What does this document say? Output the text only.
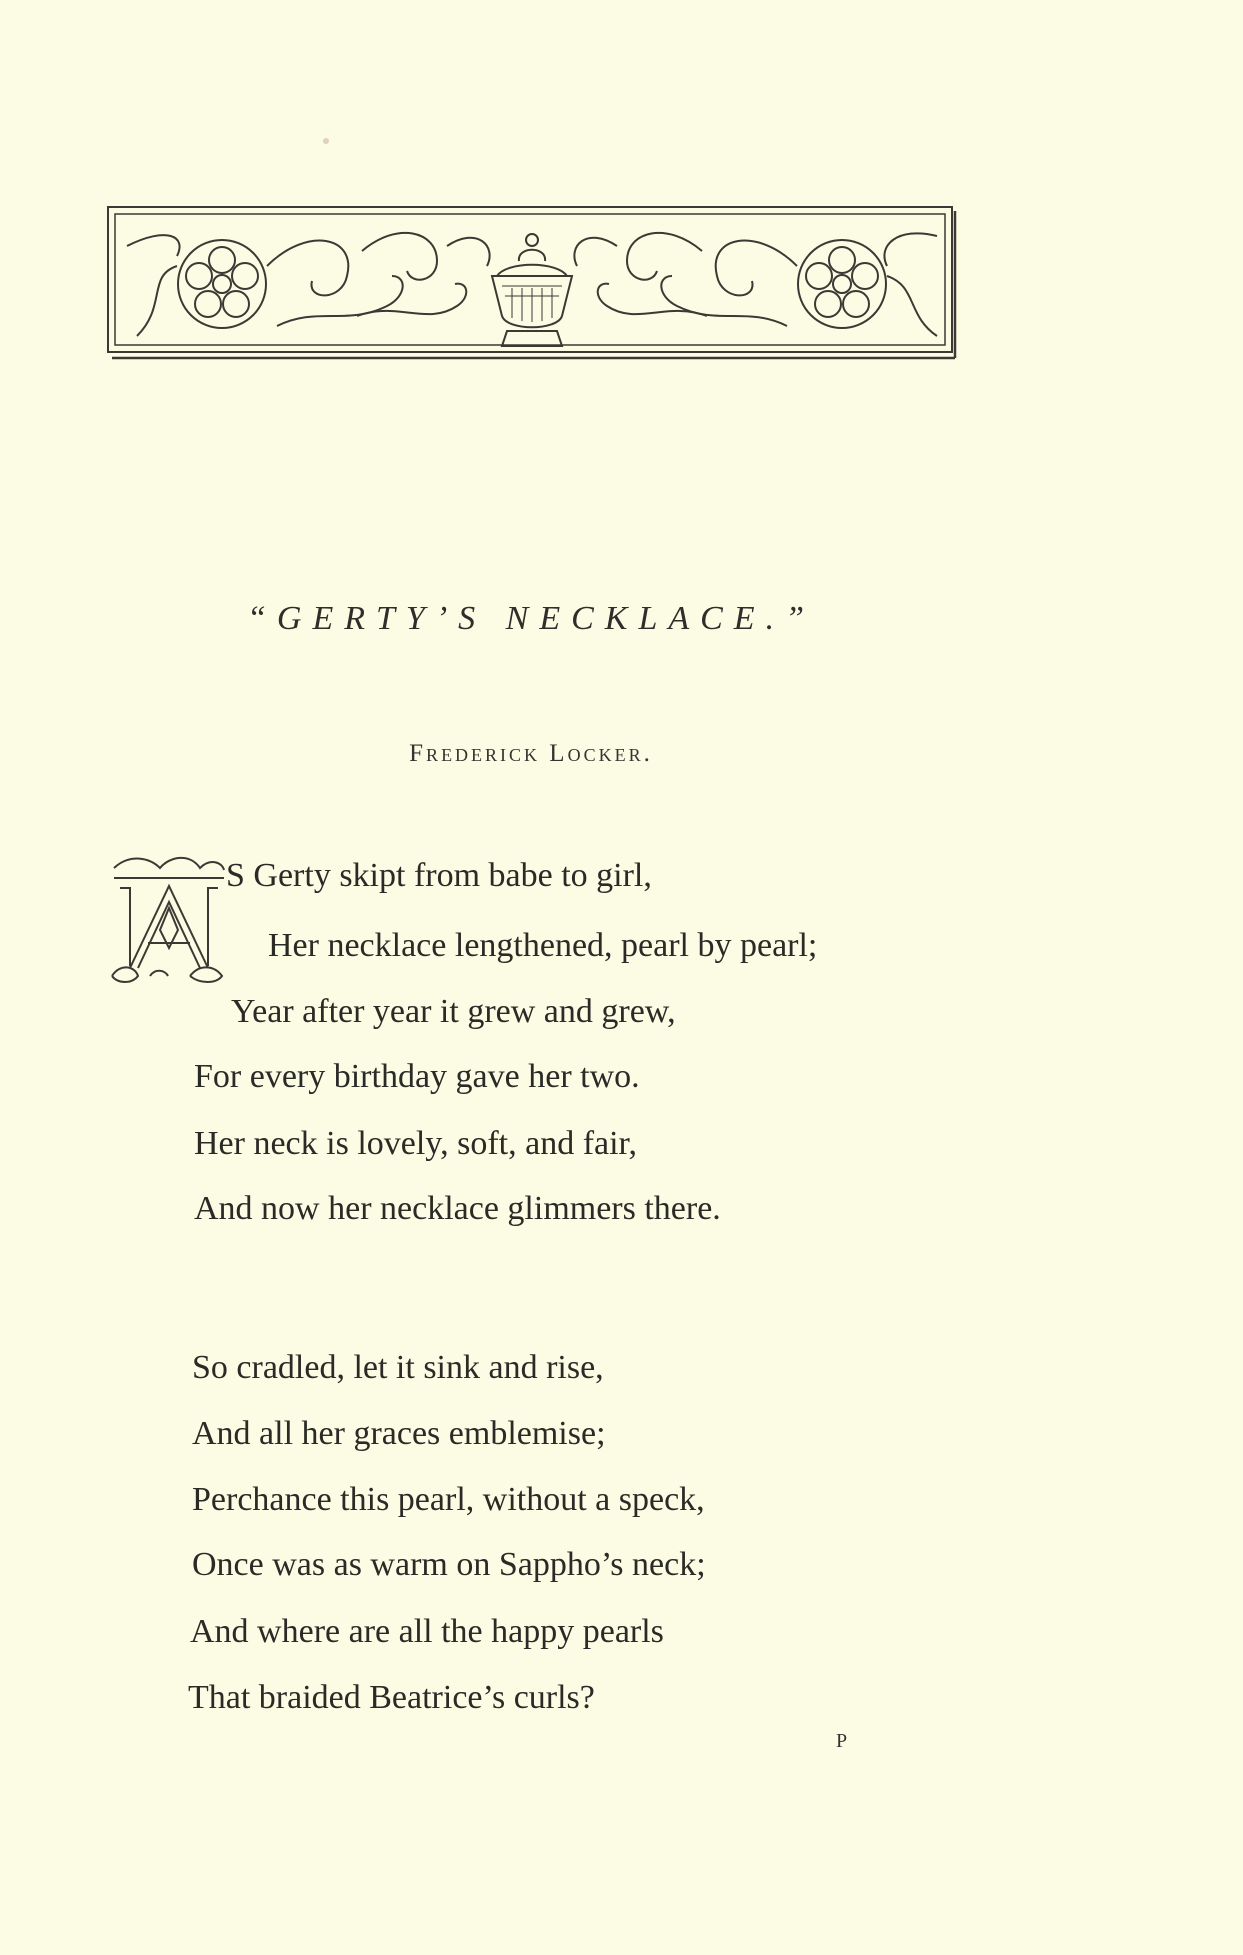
“GERTY’S NECKLACE.”
Frederick Locker.
S Gerty skipt from babe to girl,
Her necklace lengthened, pearl by pearl;
Year after year it grew and grew,
For every birthday gave her two.
Her neck is lovely, soft, and fair,
And now her necklace glimmers there.
So cradled, let it sink and rise,
And all her graces emblemise;
Perchance this pearl, without a speck,
Once was as warm on Sappho’s neck;
And where are all the happy pearls
That braided Beatrice’s curls?
P
